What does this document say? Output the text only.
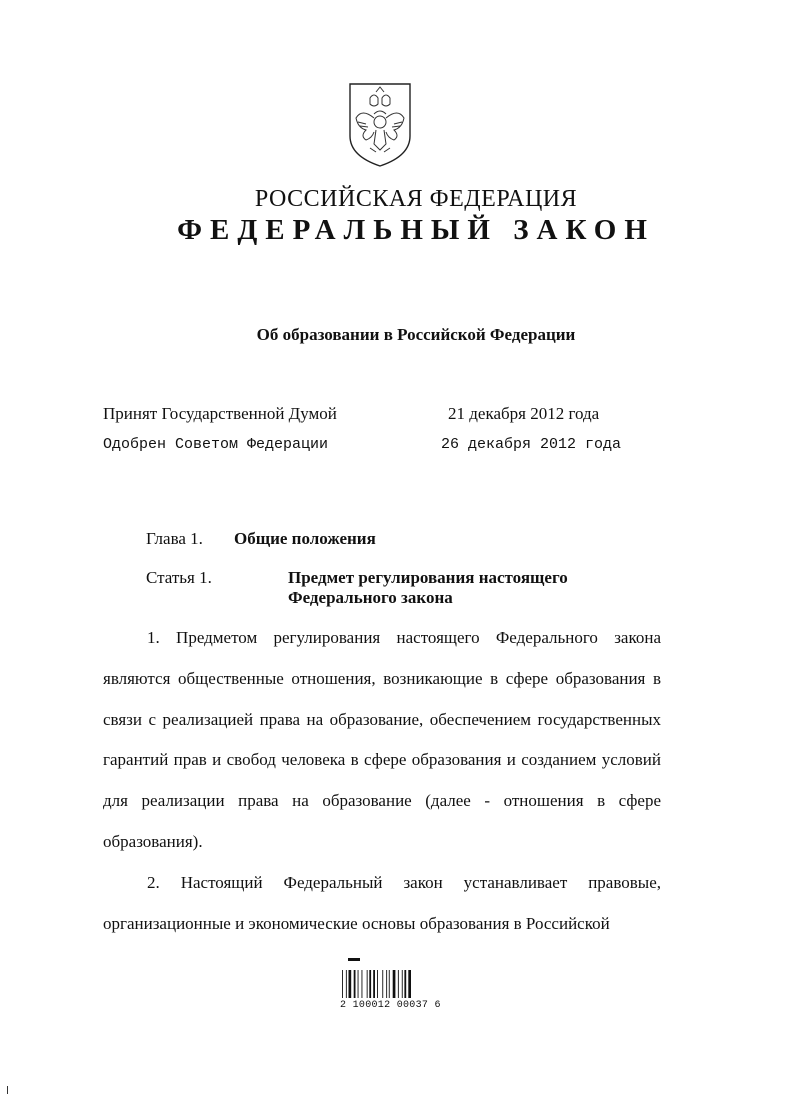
РОССИЙСКАЯ ФЕДЕРАЦИЯ
ФЕДЕРАЛЬНЫЙ ЗАКОН
Об образовании в Российской Федерации
Принят Государственной Думой	21 декабря 2012 года
Одобрен Советом Федерации	26 декабря 2012 года
Глава 1. Общие положения
Статья 1.	Предмет регулирования настоящего
Федерального закона

1. Предметом регулирования настоящего Федерального закона являются общественные отношения, возникающие в сфере образования в связи с реализацией права на образование, обеспечением государственных гарантий прав и свобод человека в сфере образования и созданием условий для реализации права на образование (далее - отношения в сфере образования).

2. Настоящий Федеральный закон устанавливает правовые, организационные и экономические основы образования в Российской

2 100012 00037 6
